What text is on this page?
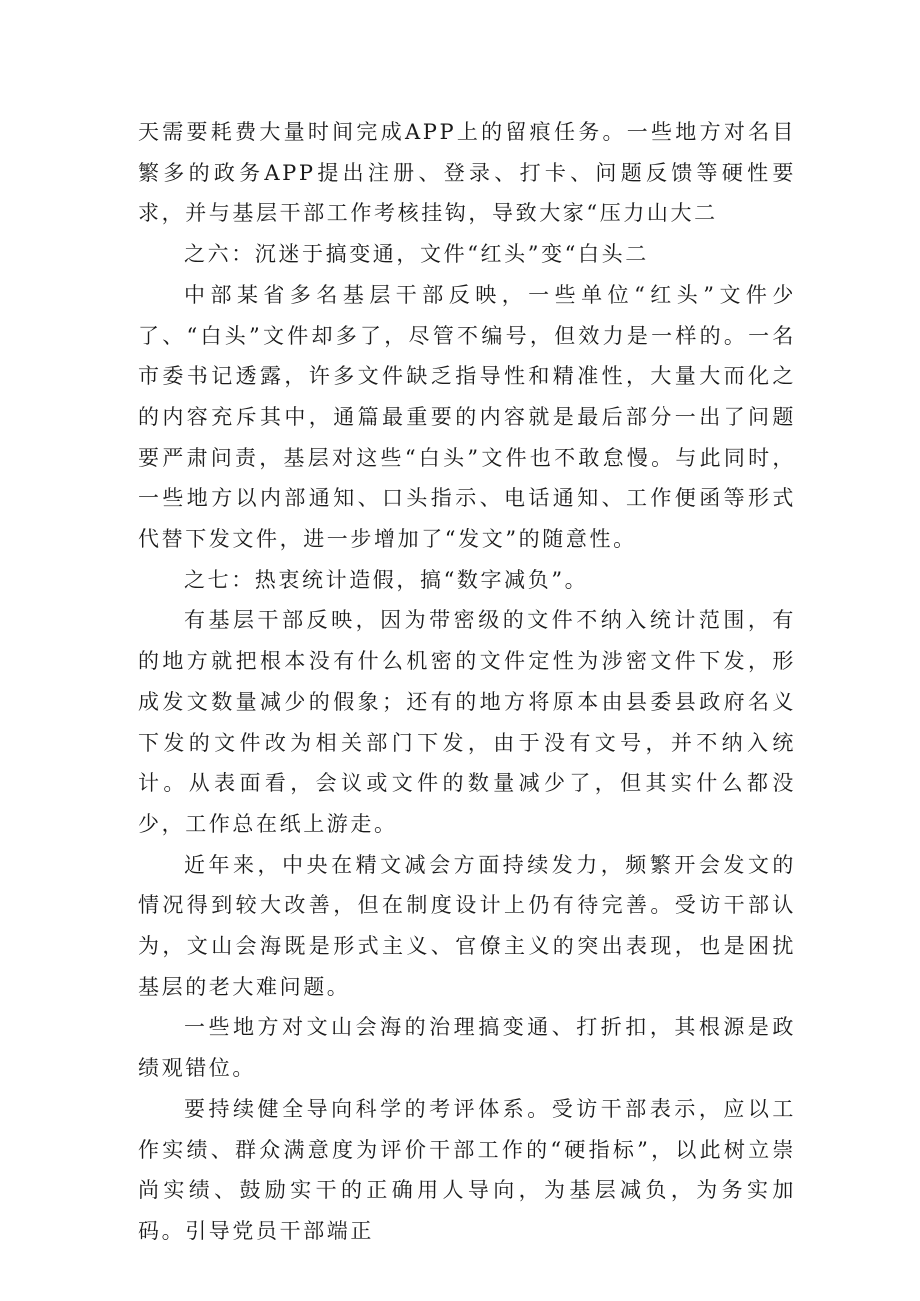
天需要耗费大量时间完成APP上的留痕任务。一些地方对名目繁多的政务APP提出注册、登录、打卡、问题反馈等硬性要求，并与基层干部工作考核挂钩，导致大家“压力山大二

之六：沉迷于搞变通，文件“红头”变“白头二

中部某省多名基层干部反映，一些单位“红头”文件少了、“白头”文件却多了，尽管不编号，但效力是一样的。一名市委书记透露，许多文件缺乏指导性和精准性，大量大而化之的内容充斥其中，通篇最重要的内容就是最后部分一出了问题要严肃问责，基层对这些“白头”文件也不敢怠慢。与此同时，一些地方以内部通知、口头指示、电话通知、工作便函等形式代替下发文件，进一步增加了“发文”的随意性。

之七：热衷统计造假，搞“数字减负”。

有基层干部反映，因为带密级的文件不纳入统计范围，有的地方就把根本没有什么机密的文件定性为涉密文件下发，形成发文数量减少的假象；还有的地方将原本由县委县政府名义下发的文件改为相关部门下发，由于没有文号，并不纳入统计。从表面看，会议或文件的数量减少了，但其实什么都没少，工作总在纸上游走。

近年来，中央在精文减会方面持续发力，频繁开会发文的情况得到较大改善，但在制度设计上仍有待完善。受访干部认为，文山会海既是形式主义、官僚主义的突出表现，也是困扰基层的老大难问题。

一些地方对文山会海的治理搞变通、打折扣，其根源是政绩观错位。

要持续健全导向科学的考评体系。受访干部表示，应以工作实绩、群众满意度为评价干部工作的“硬指标”，以此树立崇尚实绩、鼓励实干的正确用人导向，为基层减负，为务实加码。引导党员干部端正
